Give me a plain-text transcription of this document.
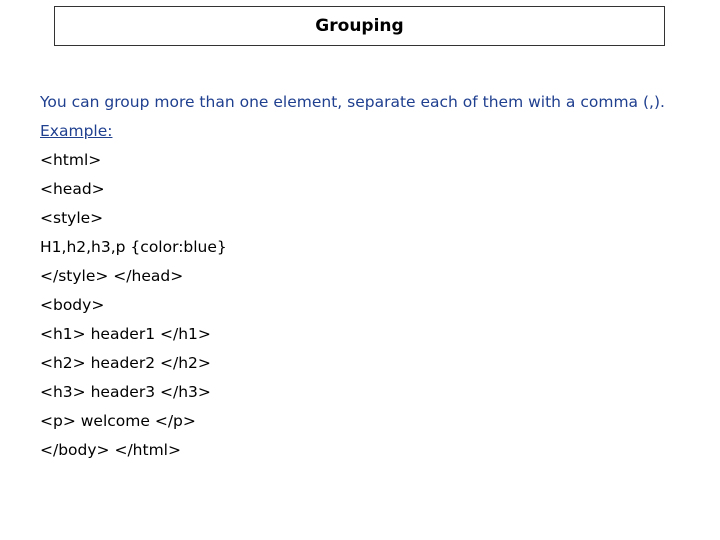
Grouping
You can group more than one element, separate each of them with a comma (,).
Example:
<html>
<head>
<style>
H1,h2,h3,p {color:blue}
</style> </head>
<body>
<h1> header1 </h1>
<h2> header2 </h2>
<h3> header3 </h3>
<p> welcome </p>
</body> </html>
